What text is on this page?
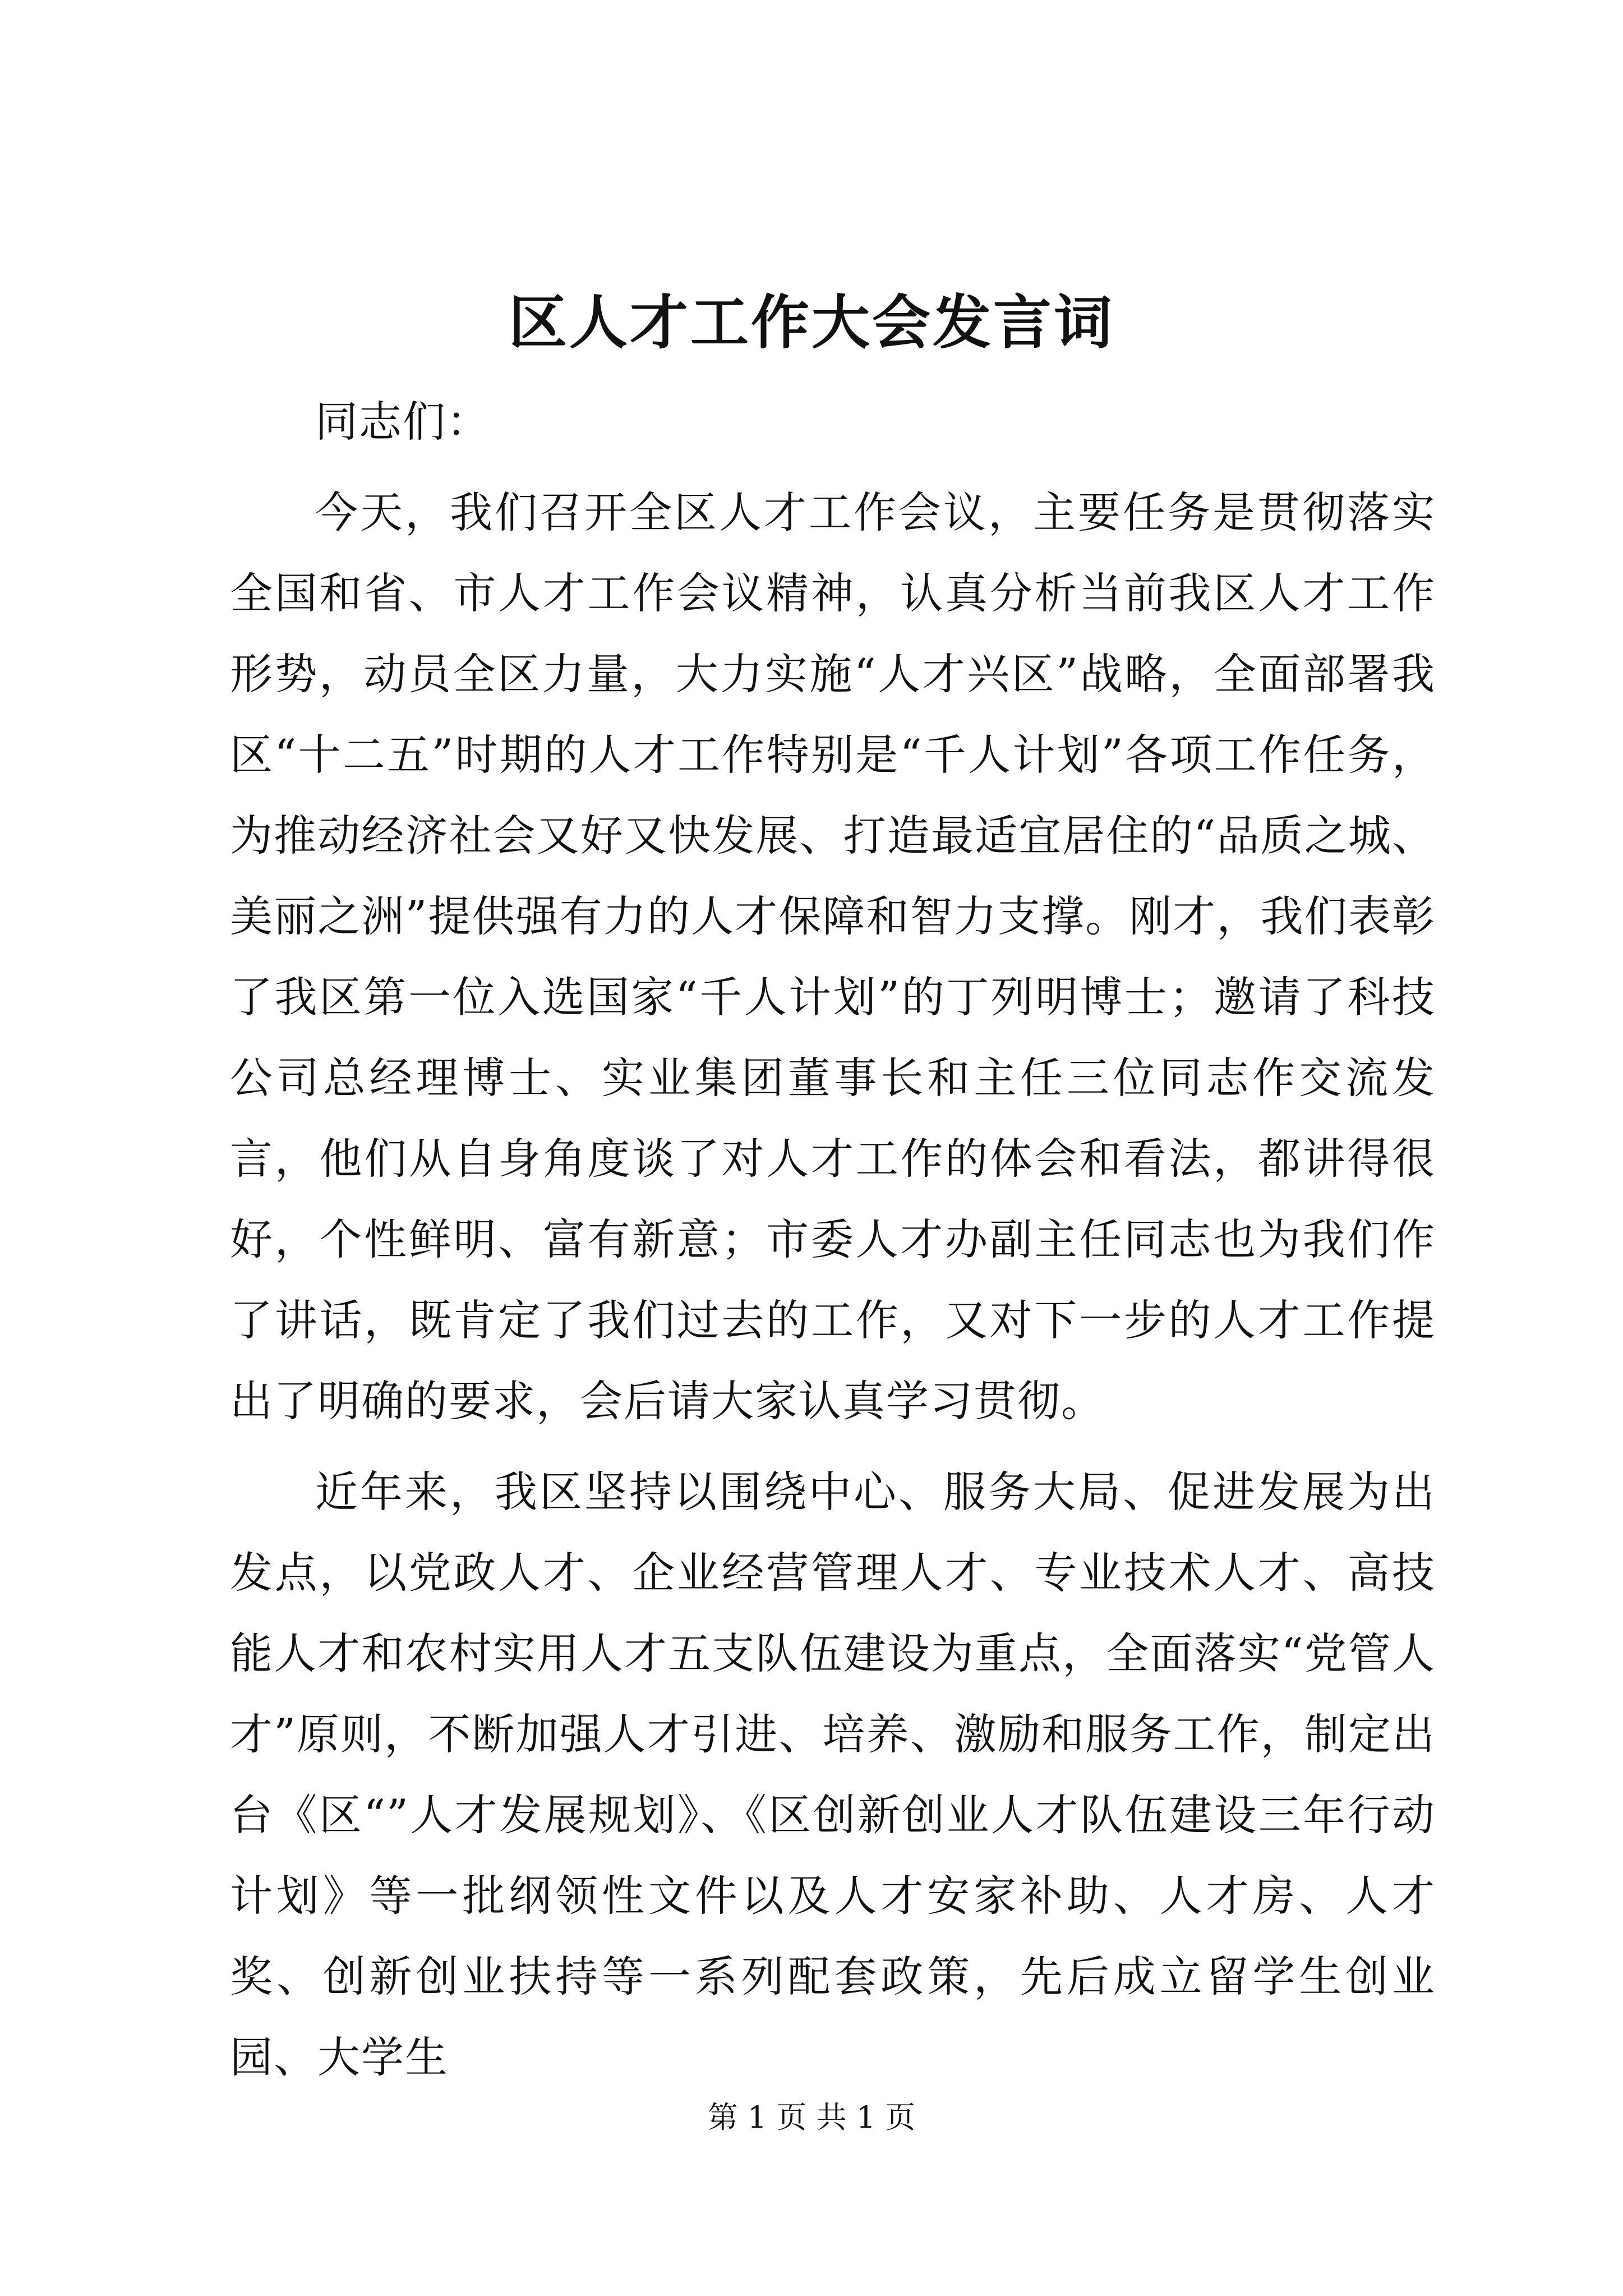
区人才工作大会发言词

同志们：

今天，我们召开全区人才工作会议，主要任务是贯彻落实全国和省、市人才工作会议精神，认真分析当前我区人才工作形势，动员全区力量，大力实施“人才兴区”战略，全面部署我区“十二五”时期的人才工作特别是“千人计划”各项工作任务，为推动经济社会又好又快发展、打造最适宜居住的“品质之城、美丽之洲”提供强有力的人才保障和智力支撑。刚才，我们表彰了我区第一位入选国家“千人计划”的丁列明博士；邀请了科技公司总经理博士、实业集团董事长和主任三位同志作交流发言，他们从自身角度谈了对人才工作的体会和看法，都讲得很好，个性鲜明、富有新意；市委人才办副主任同志也为我们作了讲话，既肯定了我们过去的工作，又对下一步的人才工作提出了明确的要求，会后请大家认真学习贯彻。

近年来，我区坚持以围绕中心、服务大局、促进发展为出发点，以党政人才、企业经营管理人才、专业技术人才、高技能人才和农村实用人才五支队伍建设为重点，全面落实“党管人才”原则，不断加强人才引进、培养、激励和服务工作，制定出台《区“”人才发展规划》、《区创新创业人才队伍建设三年行动计划》等一批纲领性文件以及人才安家补助、人才房、人才奖、创新创业扶持等一系列配套政策，先后成立留学生创业园、大学生

第 1 页 共 1 页
